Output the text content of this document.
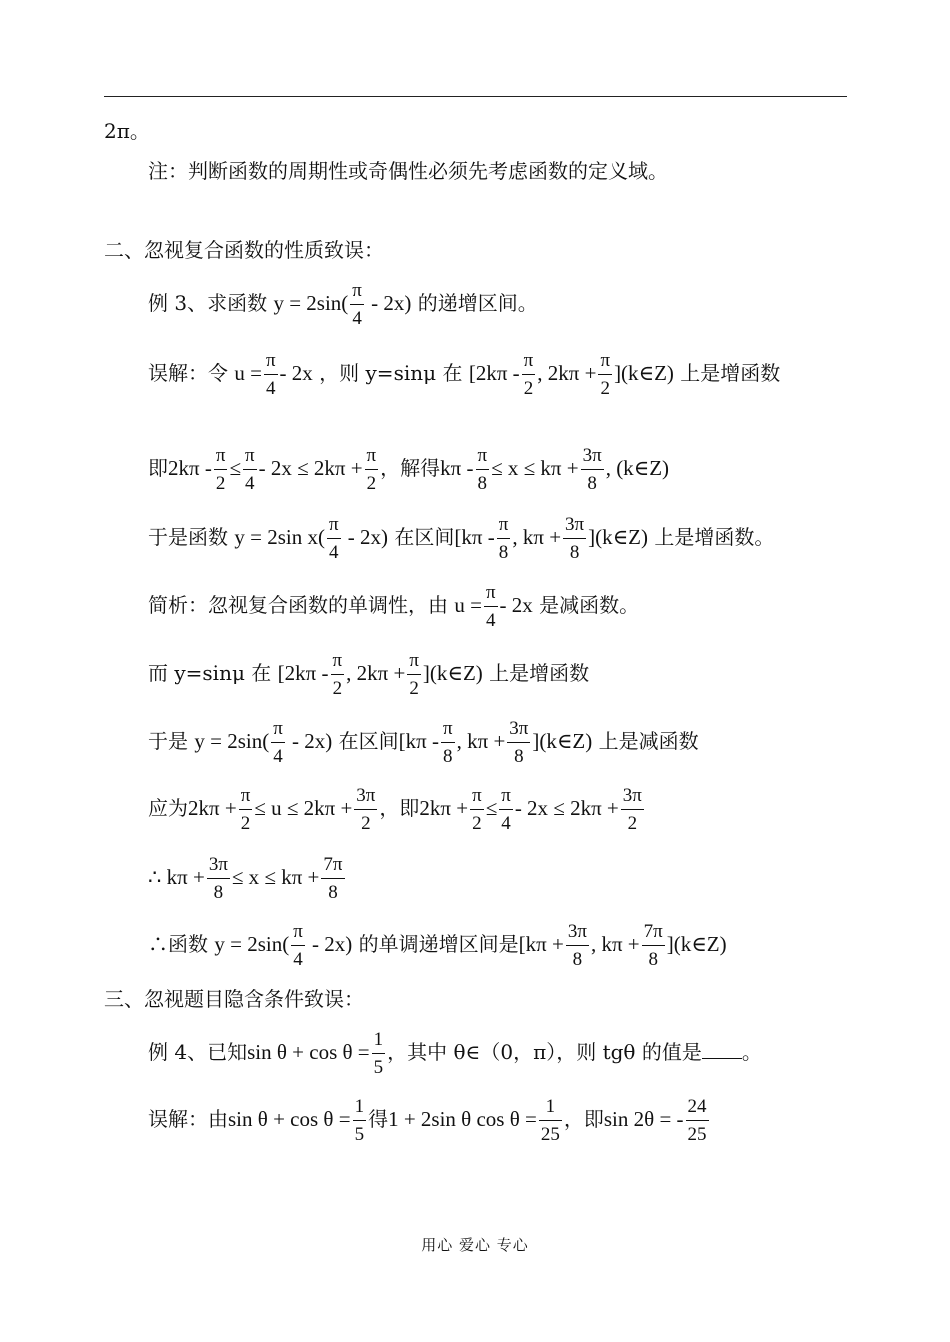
2π。
注：判断函数的周期性或奇偶性必须先考虑函数的定义域。
二、忽视复合函数的性质致误：
例 3、求函数 $y = 2\sin( \frac{\pi}{4} - 2x)$ 的递增区间。
误解：令 $u = \frac{\pi}{4} - 2x$ ，则 y=sinμ 在 [$2k\pi - \frac{\pi}{2}$ , $2k\pi + \frac{\pi}{2}$ ](k∈Z) 上是增函数
即$2k\pi - \frac{\pi}{2} \le \frac{\pi}{4} - 2x \le 2k\pi + \frac{\pi}{2}$ ，解得$k\pi - \frac{\pi}{8} \le x \le k\pi + \frac{3\pi}{8}$ , (k∈Z)
于是函数 y = 2sin $x( \frac{\pi}{4} - 2x)$ 在区间[$k\pi - \frac{\pi}{8}$ , $k\pi + \frac{3\pi}{8}$ ](k∈Z) 上是增函数。
简析：忽视复合函数的单调性，由 $u = \frac{\pi}{4} - 2x$ 是减函数。
而 y=sinμ 在 [$2k\pi - \frac{\pi}{2}$ , $2k\pi + \frac{\pi}{2}$ ](k∈Z) 上是增函数
于是 $y = 2\sin( \frac{\pi}{4} - 2x)$ 在区间[$k\pi - \frac{\pi}{8}$ , $k\pi + \frac{3\pi}{8}$ ](k∈Z) 上是减函数
应为$2k\pi + \frac{\pi}{2} \le u \le 2k\pi + \frac{3\pi}{2}$ ，即$2k\pi + \frac{\pi}{2} \le \frac{\pi}{4} - 2x \le 2k\pi + \frac{3\pi}{2}$
∴ $k\pi + \frac{3\pi}{8} \le x \le k\pi + \frac{7\pi}{8}$
∴函数 $y = 2\sin( \frac{\pi}{4} - 2x)$ 的单调递增区间是[$k\pi + \frac{3\pi}{8}$ , $k\pi + \frac{7\pi}{8}$ ](k∈Z)
三、忽视题目隐含条件致误：
例 4、已知$\sin \theta + \cos \theta = \frac{1}{5}$ ，其中 θ∈（0，π），则 tgθ 的值是 。
误解：由$\sin \theta + \cos \theta = \frac{1}{5}$ 得1 + 2sin θ $\cos \theta = \frac{1}{25}$ ，即sin 2θ = - $\frac{24}{25}$
用心 爱心 专心
